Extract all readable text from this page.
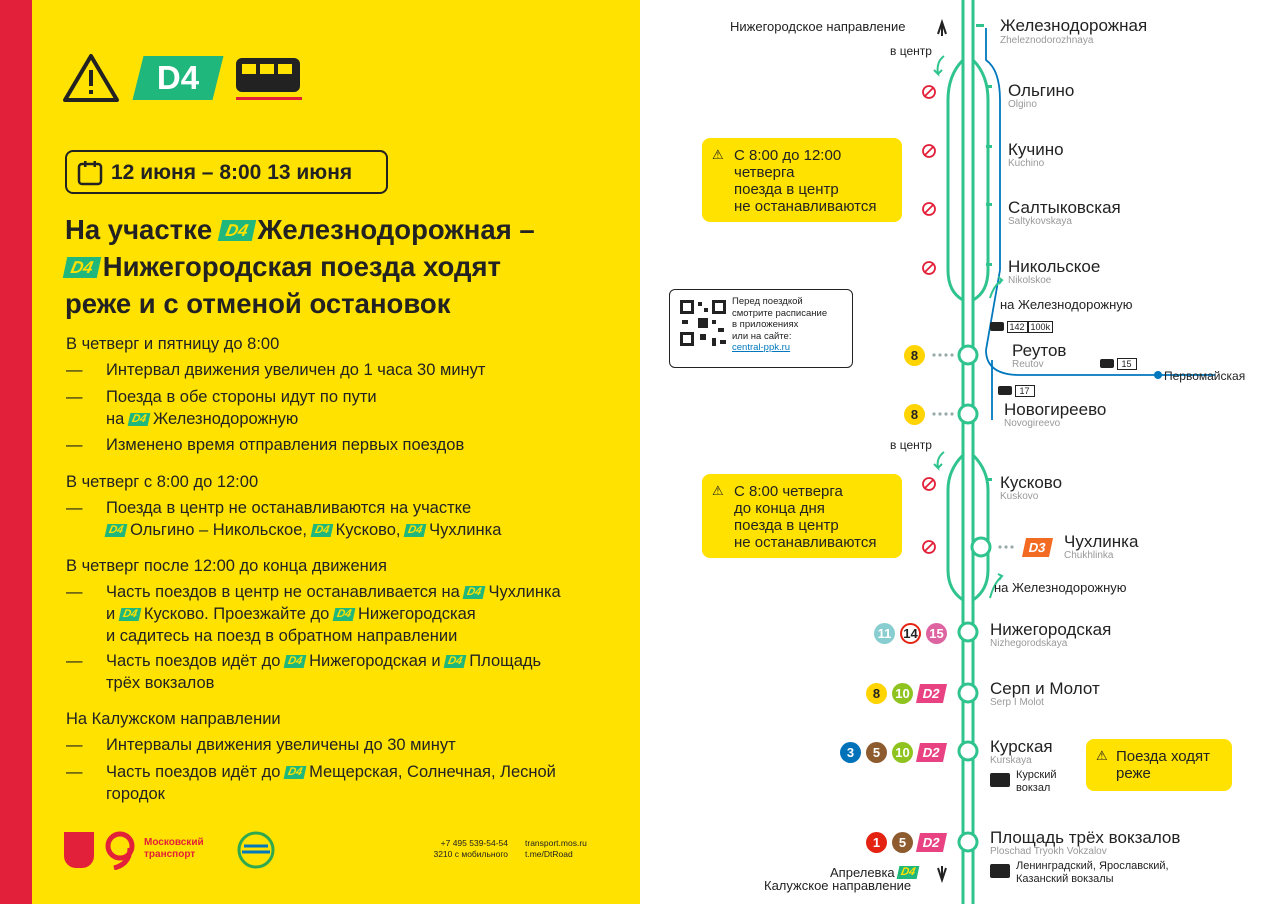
D4
12 июня – 8:00 13 июня
На участке D4 Железнодорожная –
D4 Нижегородская поезда ходят
реже и с отменой остановок
В четверг и пятницу до 8:00
— Интервал движения увеличен до 1 часа 30 минут
— Поезда в обе стороны идут по пути
на D4 Железнодорожную
— Изменено время отправления первых поездов
В четверг с 8:00 до 12:00
— Поезда в центр не останавливаются на участке
D4 Ольгино – Никольское, D4 Кусково, D4 Чухлинка
В четверг после 12:00 до конца движения
— Часть поездов в центр не останавливается на D4 Чухлинка
и D4 Кусково. Проезжайте до D4 Нижегородская
и садитесь на поезд в обратном направлении
— Часть поездов идёт до D4 Нижегородская и D4 Площадь
трёх вокзалов
На Калужском направлении
— Интервалы движения увеличены до 30 минут
— Часть поездов идёт до D4 Мещерская, Солнечная, Лесной
городок
Московский
транспорт
+7 495 539-54-54
3210 с мобильного
transport.mos.ru
t.me/DtRoad
Нижегородское направление
в центр
в центр
на Железнодорожную
на Железнодорожную
Первомайская
Апрелевка D4
Калужское направление
Железнодорожная
Zheleznodorozhnaya
Ольгино
Olgino
Кучино
Kuchino
Салтыковская
Saltykovskaya
Никольское
Nikolskoe
Реутов
Reutov
Новогиреево
Novogireevo
Кусково
Kuskovo
Чухлинка
Chukhlinka
Нижегородская
Nizhegorodskaya
Серп и Молот
Serp I Molot
Курская
Kurskaya
Площадь трёх вокзалов
Ploschad Tryokh Vokzalov
8
8
D3
11 14 15
8	10 D2
3	5	10 D2
1	5	D2
142 100k
15
17
⚠ С 8:00 до 12:00
четверга
поезда в центр
не останавливаются
⚠ С 8:00 четверга
до конца дня
поезда в центр
не останавливаются
⚠ Поезда ходят
реже
Перед поездкой
смотрите расписание
в приложениях
или на сайте:
central-ppk.ru
Курский
вокзал
Ленинградский, Ярославский,
Казанский вокзалы
